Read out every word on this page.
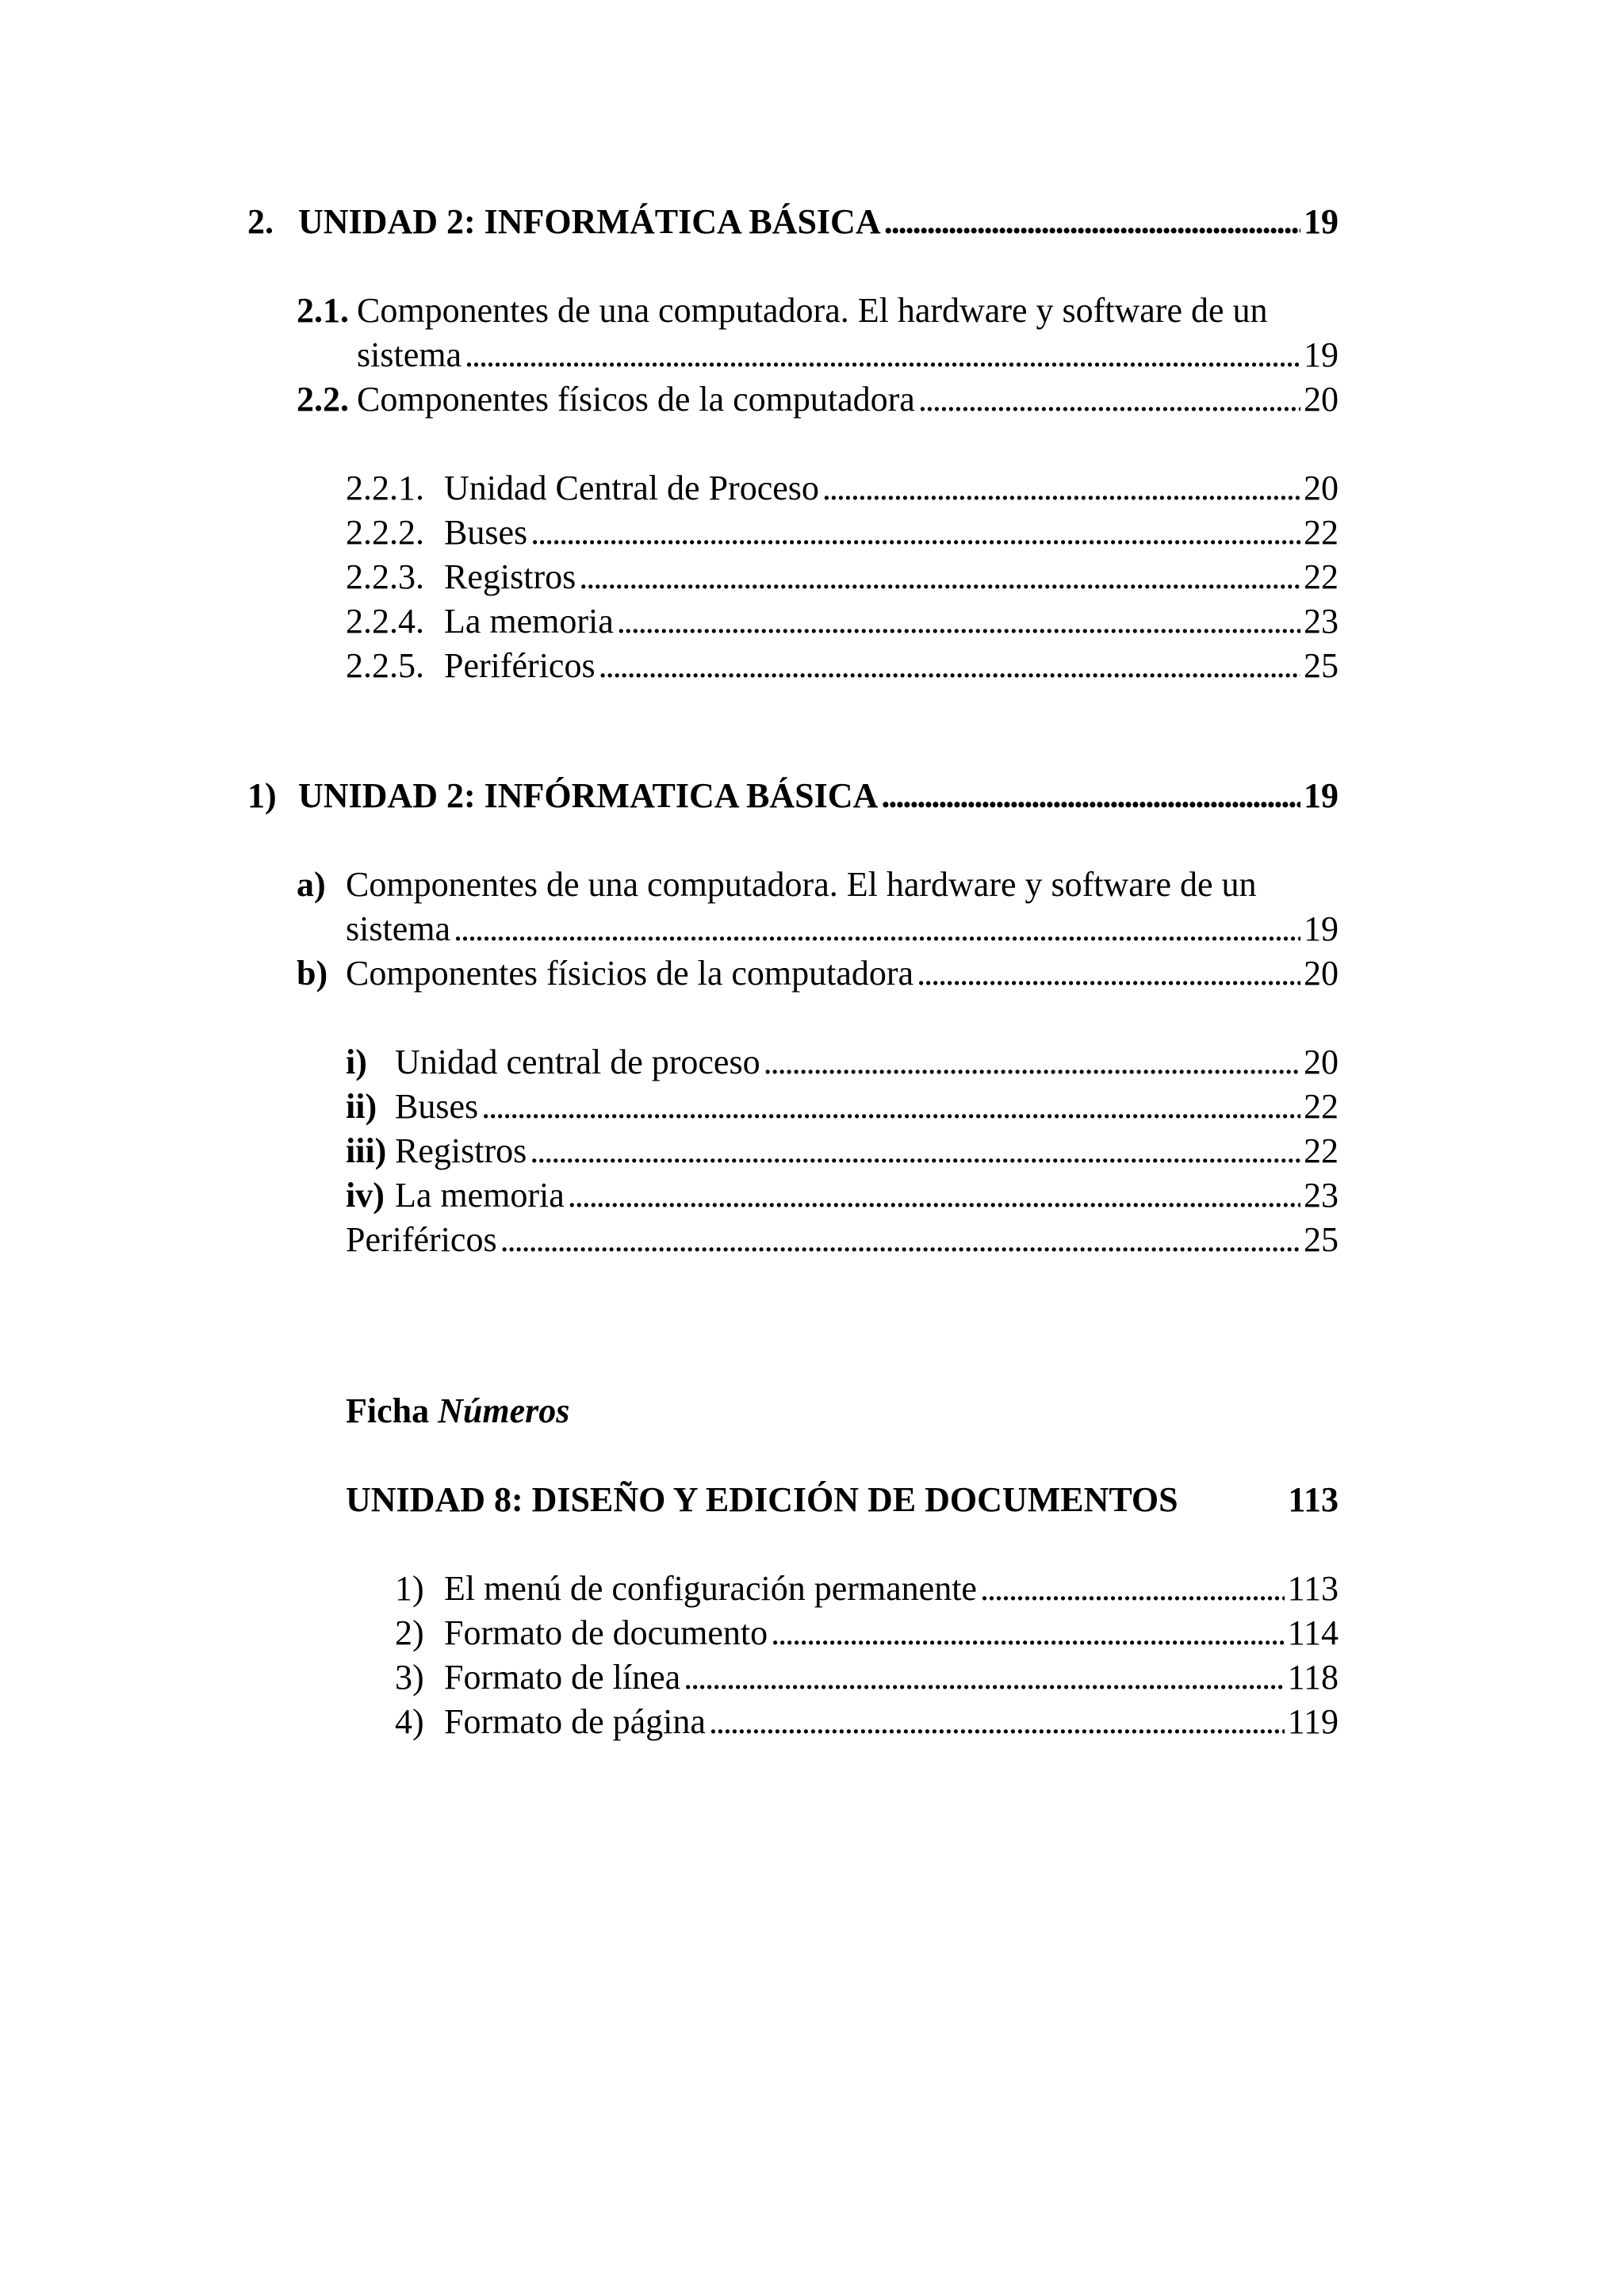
2. UNIDAD 2: INFORMÁTICA BÁSICA . . .	19
2.1. Componentes de una computadora. El hardware y software de un
sistema . . .	19
2.2. Componentes físicos de la computadora . . .	20
2.2.1. Unidad Central de Proceso . . .	20
2.2.2. Buses . . .	22
2.2.3. Registros . . .	22
2.2.4. La memoria . . .	23
2.2.5. Periféricos . . .	25
1) UNIDAD 2: INFÓRMATICA BÁSICA . . .	19
a) Componentes de una computadora. El hardware y software de un
sistema . . .	19
b) Componentes físicios de la computadora . . .	20
i) Unidad central de proceso . . .	20
ii) Buses . . .	22
iii) Registros . . .	22
iv) La memoria . . .	23
Periféricos . . .	25
Ficha
Números
UNIDAD 8: DISEÑO Y EDICIÓN DE DOCUMENTOS	113
1) El menú de configuración permanente . . .	113
2) Formato de documento . . .	114
3) Formato de línea . . .	118
4) Formato de página . . .	119
